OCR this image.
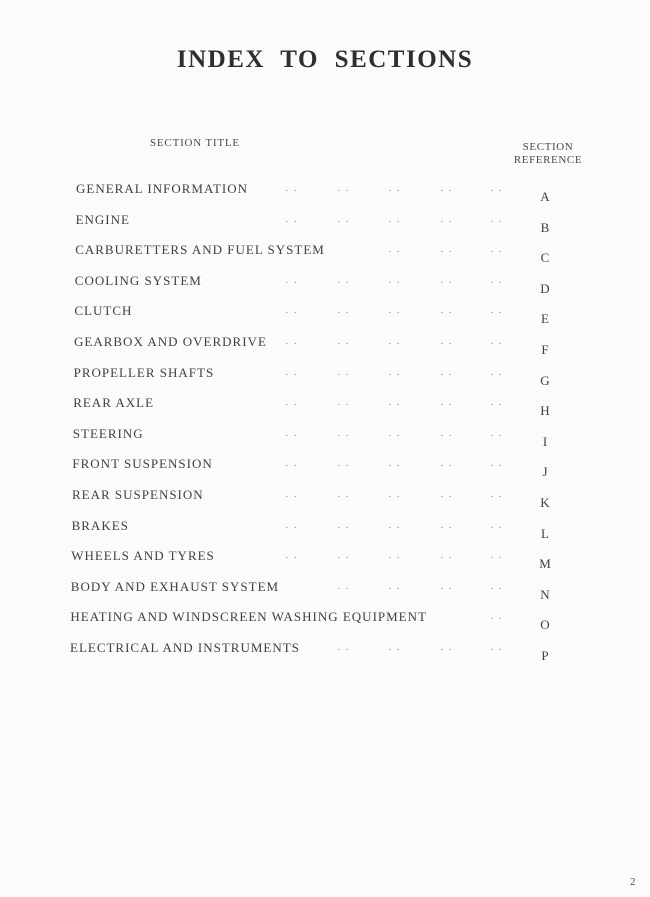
INDEX TO SECTIONS
SECTION TITLE	SECTION
REFERENCE
GENERAL INFORMATION	· ·	· ·	· ·	· ·	· ·	A
ENGINE	· ·	· ·	· ·	· ·	· ·	B
CARBURETTERS AND FUEL SYSTEM	· ·	· ·	· ·	C
COOLING SYSTEM	· ·	· ·	· ·	· ·	· ·	D
CLUTCH	· ·	· ·	· ·	· ·	· ·	E
GEARBOX AND OVERDRIVE · ·	· ·	· ·	· ·	· ·	F
PROPELLER SHAFTS	· ·	· ·	· ·	· ·	· ·	G
REAR AXLE	· ·	· ·	· ·	· ·	· ·	H
STEERING	· ·	· ·	· ·	· ·	· ·	I
FRONT SUSPENSION	· ·	· ·	· ·	· ·	· ·	J
REAR SUSPENSION	· ·	· ·	· ·	· ·	· ·	K
BRAKES	· ·	· ·	· ·	· ·	· ·	L
WHEELS AND TYRES	· ·	· ·	· ·	· ·	· ·	M
BODY AND EXHAUST SYSTEM	· ·	· ·	· ·	· ·	N
HEATING AND WINDSCREEN WASHING EQUIPMENT	· ·	O
ELECTRICAL AND INSTRUMENTS	· ·	· ·	· ·	· ·	P
2
